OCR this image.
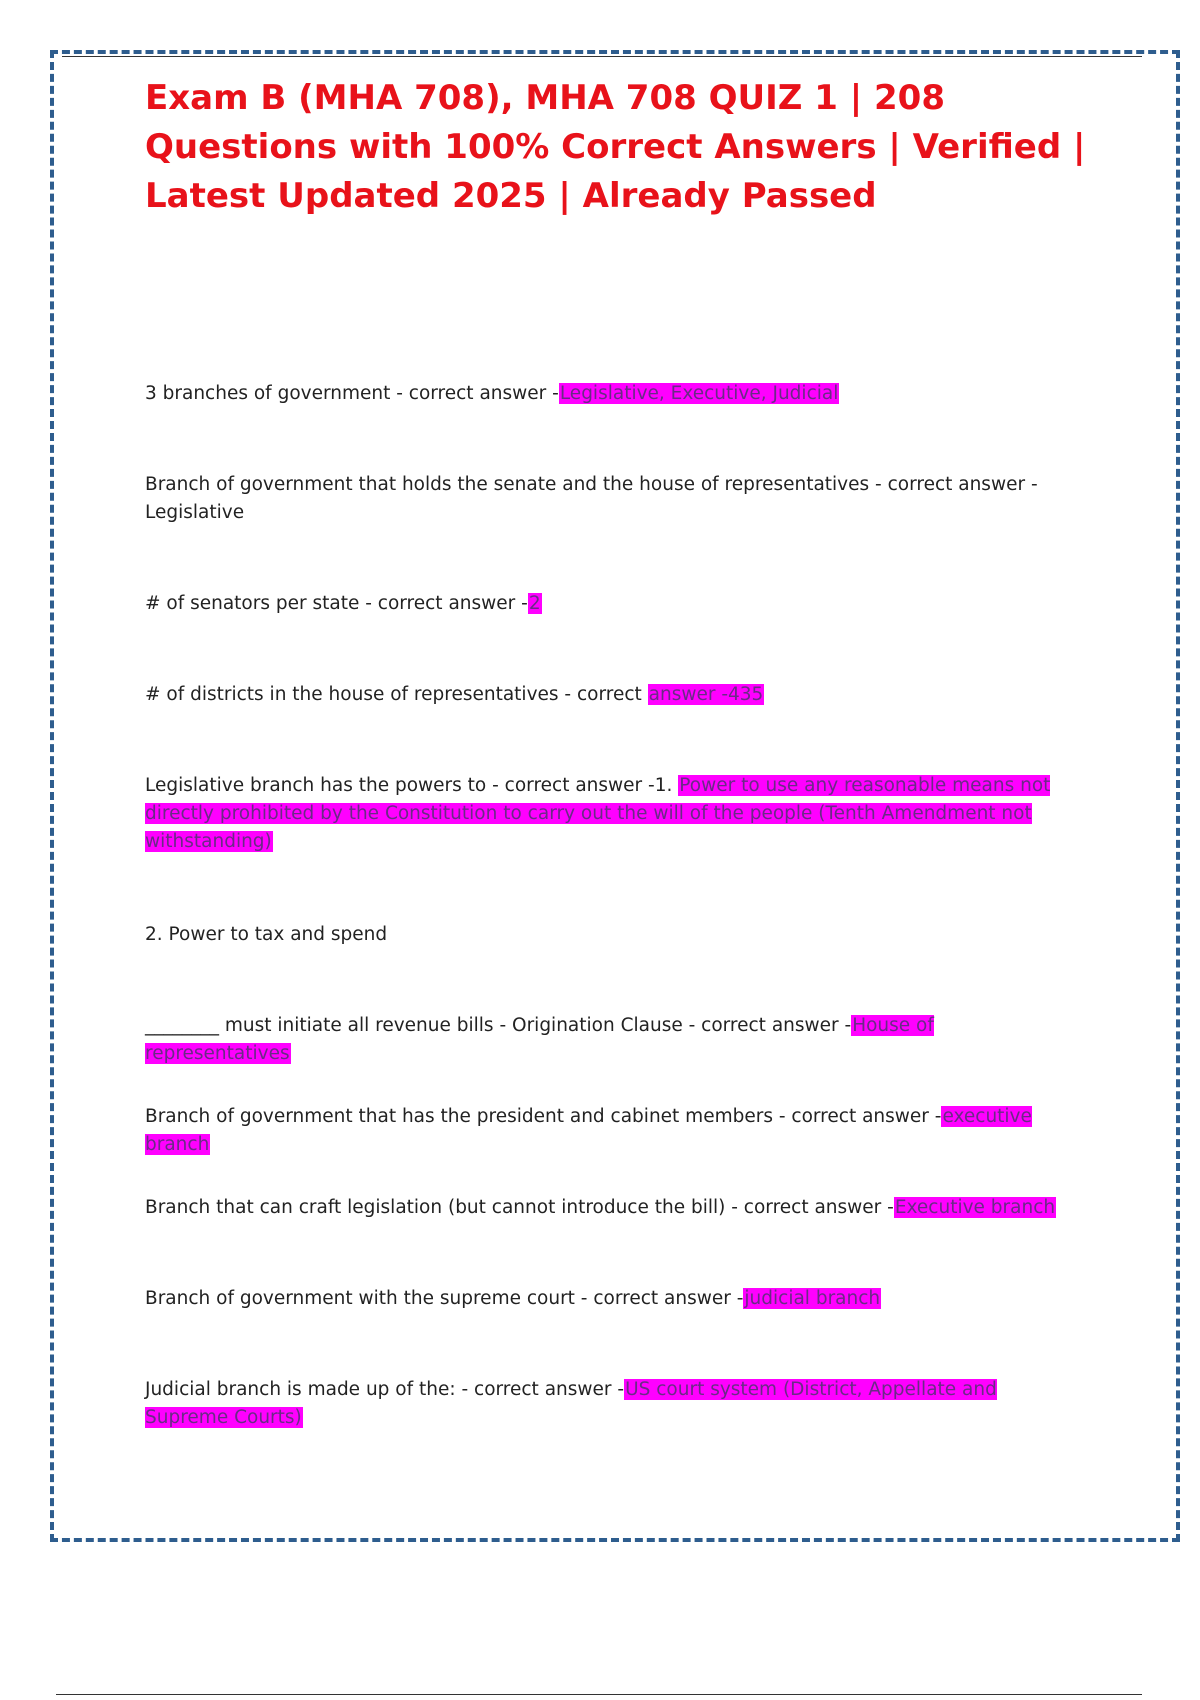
Exam B (MHA 708), MHA 708 QUIZ 1 | 208 Questions with 100% Correct Answers | Verified | Latest Updated 2025 | Already Passed

3 branches of government - correct answer -Legislative, Executive, Judicial

Branch of government that holds the senate and the house of representatives - correct answer - Legislative

# of senators per state - correct answer -2

# of districts in the house of representatives - correct answer -435

Legislative branch has the powers to - correct answer -1. Power to use any reasonable means not directly prohibited by the Constitution to carry out the will of the people (Tenth Amendment not withstanding)

2. Power to tax and spend

________ must initiate all revenue bills - Origination Clause - correct answer -House of representatives

Branch of government that has the president and cabinet members - correct answer -executive branch

Branch that can craft legislation (but cannot introduce the bill) - correct answer -Executive branch

Branch of government with the supreme court - correct answer -judicial branch

Judicial branch is made up of the: - correct answer -US court system (District, Appellate and Supreme Courts)
